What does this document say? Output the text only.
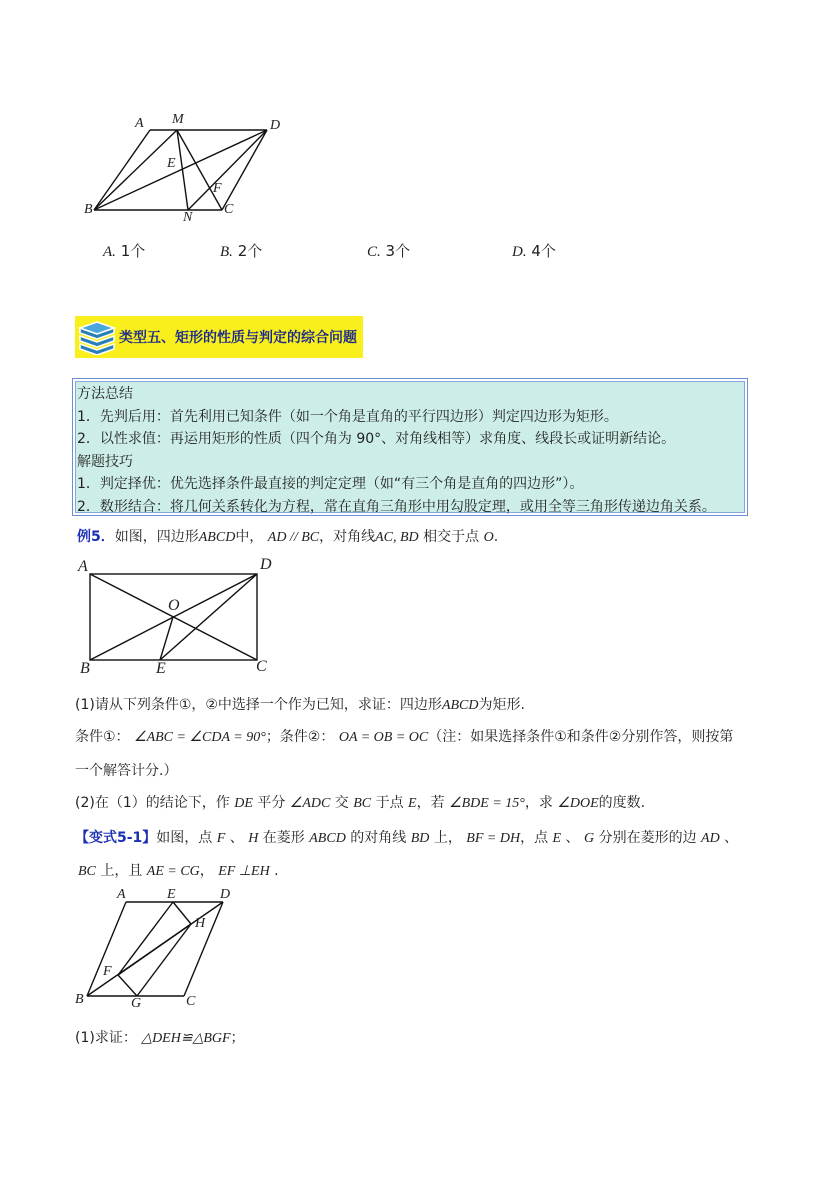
A M	D
E
F
B
N
C
A. 1个	B. 2个	C. 3个	D. 4个
类型五、矩形的性质与判定的综合问题
方法总结
1．先判后用：首先利用已知条件（如一个角是直角的平行四边形）判定四边形为矩形。
2．以性求值：再运用矩形的性质（四个角为 90°、对角线相等）求角度、线段长或证明新结论。
解题技巧
1．判定择优：优先选择条件最直接的判定定理（如“有三个角是直角的四边形”）。
2．数形结合：将几何关系转化为方程，常在直角三角形中用勾股定理，或用全等三角形传递边角关系。
例5．如图，四边形ABCD中， AD // BC，对角线AC, BD 相交于点 O.
A	D
O
B	E	C
(1)请从下列条件①，②中选择一个作为已知，求证：四边形ABCD为矩形.
条件①： ∠ABC = ∠CDA = 90°；条件②： OA = OB = OC（注：如果选择条件①和条件②分别作答，则按第
一个解答计分.）
(2)在（1）的结论下，作 DE 平分 ∠ADC 交 BC 于点 E，若 ∠BDE = 15°，求 ∠DOE的度数.
【变式5-1】如图，点 F 、 H 在菱形 ABCD 的对角线 BD 上， BF = DH，点 E 、 G 分别在菱形的边 AD 、
BC 上，且 AE = CG， EF ⊥EH .
A	E	D
H
F
B	G	C
(1)求证： △DEH≌△BGF；
